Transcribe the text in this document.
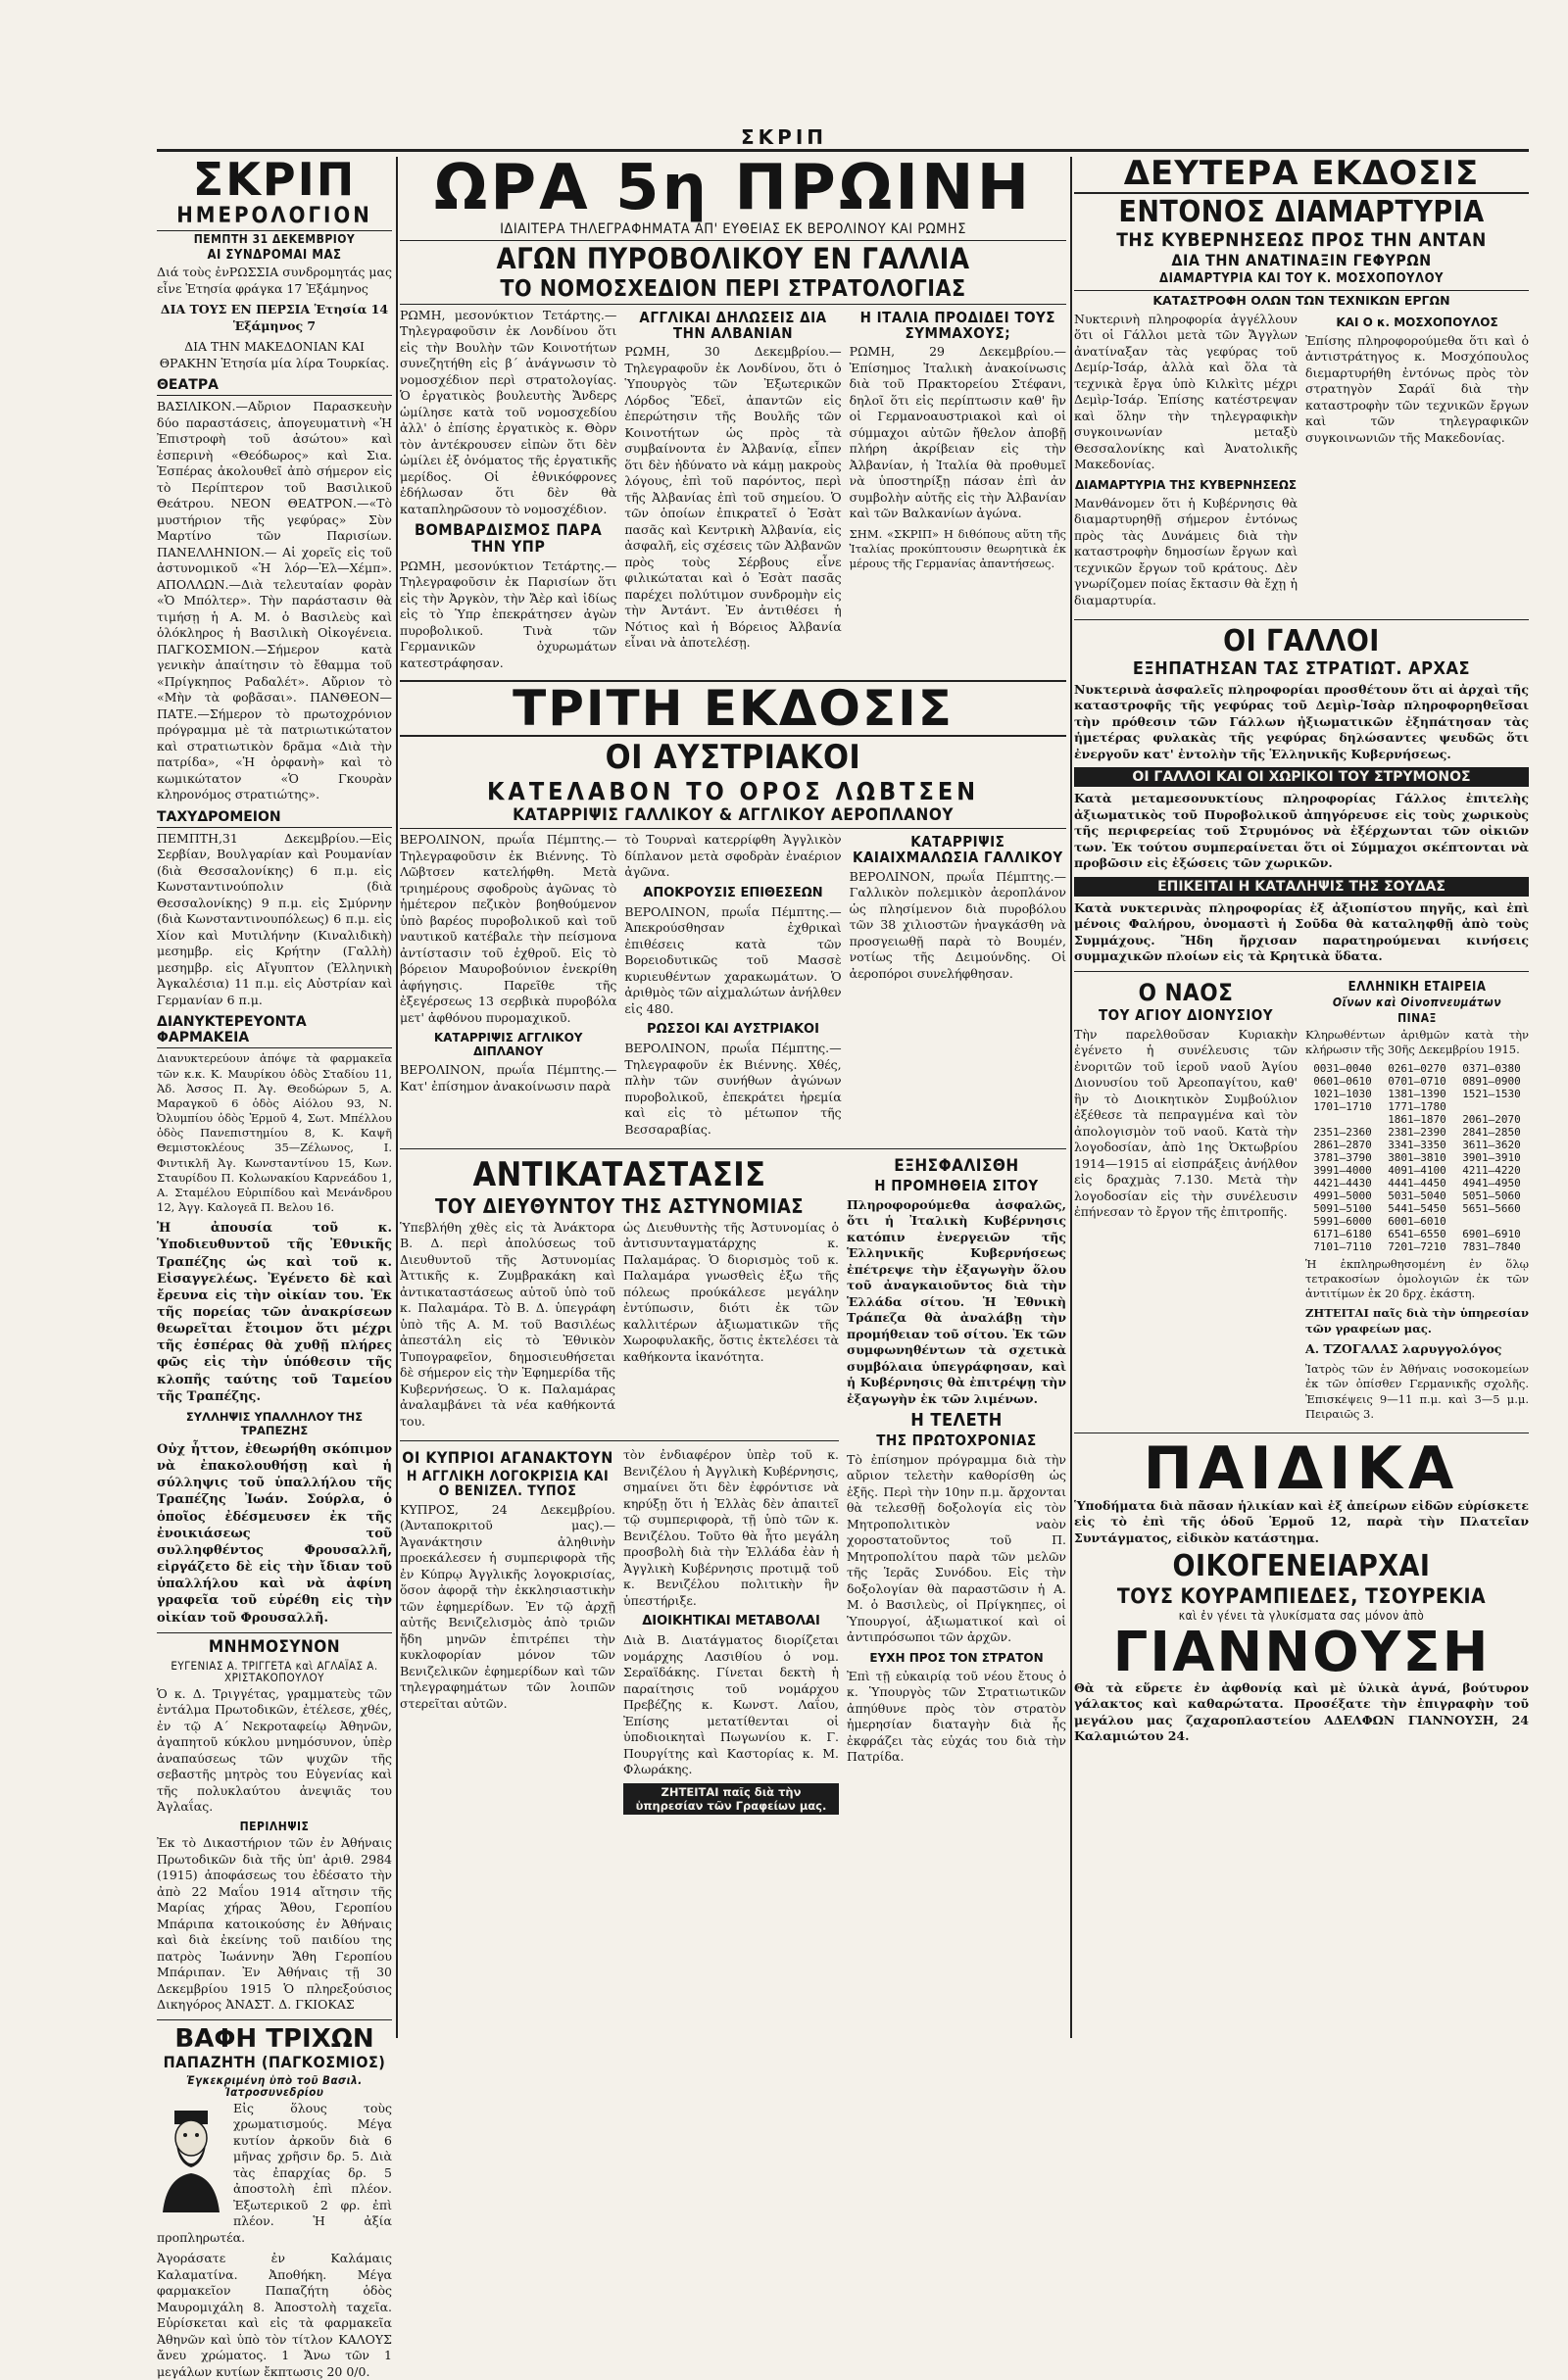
ΣΚΡΙΠ
ΣΚΡΙΠ
ΗΜΕΡΟΛΟΓΙΟΝ
ΠΕΜΠΤΗ 31 ΔΕΚΕΜΒΡΙΟΥ
ΑΙ ΣΥΝΔΡΟΜΑΙ ΜΑΣ

Διά τοὺς ἐνΡΩΣΣΙΑ συνδρομητάς μας εἶνε Ἑτησία φράγκα 17 Ἑξάμηνος

ΔΙΑ ΤΟΥΣ ΕΝ ΠΕΡΣΙΑ Ἑτησία 14 Ἑξάμηνος 7

ΔΙΑ ΤΗΝ ΜΑΚΕΔΟΝΙΑΝ ΚΑΙ ΘΡΑΚΗΝ Ἑτησία μία λίρα Τουρκίας.

ΘΕΑΤΡΑ

ΒΑΣΙΛΙΚΟΝ.—Αὔριον Παρασκευὴν δύο παραστάσεις, ἀπογευματινὴ «Ἡ Ἐπιστροφὴ τοῦ ἀσώτου» καὶ ἑσπερινὴ «Θεόδωρος» καὶ Σια. Ἑσπέρας ἀκολουθεῖ ἀπὸ σήμερον εἰς τὸ Περίπτερον τοῦ Βασιλικοῦ Θεάτρου. ΝΕΟΝ ΘΕΑΤΡΟΝ.—«Τὸ μυστήριον τῆς γεφύρας» Σὺν Μαρτίνο τῶν Παρισίων. ΠΑΝΕΛΛΗΝΙΟΝ.— Αἱ χορεῖς εἰς τοῦ ἀστυνομικοῦ «Ἡ λόρ—Ἐλ—Χέμπ». ΑΠΟΛΛΩΝ.—Διὰ τελευταίαν φορὰν «Ὁ Μπόλτερ». Τὴν παράστασιν θὰ τιμήσῃ ἡ Α. Μ. ὁ Βασιλεὺς καὶ ὁλόκληρος ἡ Βασιλικὴ Οἰκογένεια. ΠΑΓΚΟΣΜΙΟΝ.—Σήμερον κατὰ γενικὴν ἀπαίτησιν τὸ ἔθαμμα τοῦ «Πρίγκηπος Ραδαλέτ». Αὔριον τὸ «Μὴν τὰ φοβᾶσαι». ΠΑΝΘΕΟΝ—ΠΑΤΕ.—Σήμερον τὸ πρωτοχρόνιον πρόγραμμα μὲ τὰ πατριωτικώτατον καὶ στρατιωτικὸν δρᾶμα «Διὰ τὴν πατρίδα», «Ἡ ὀρφανὴ» καὶ τὸ κωμικώτατον «Ὁ Γκουρὰν κληρονόμος στρατιώτης».

ΤΑΧΥΔΡΟΜΕΙΟΝ

ΠΕΜΠΤΗ,31 Δεκεμβρίου.—Εἰς Σερβίαν, Βουλγαρίαν καὶ Ρουμανίαν (διὰ Θεσσαλονίκης) 6 π.μ. εἰς Κωνσταντινούπολιν (διὰ Θεσσαλονίκης) 9 π.μ. εἰς Σμύρνην (διὰ Κωνσταντινουπόλεως) 6 π.μ. εἰς Χίον καὶ Μυτιλήνην (Κιναλιδικὴ) μεσημβρ. εἰς Κρήτην (Γαλλὴ) μεσημβρ. εἰς Αἴγυπτον (Ἑλληνικὴ Ἀγκαλέσια) 11 π.μ. εἰς Αὐστρίαν καὶ Γερμανίαν 6 π.μ.

ΔΙΑΝΥΚΤΕΡΕΥΟΝΤΑ ΦΑΡΜΑΚΕΙΑ

Διανυκτερεύουν ἀπόψε τὰ φαρμακεῖα τῶν κ.κ. Κ. Μαυρίκου ὁδὸς Σταδίου 11, Ἀδ. Ἀσσος Π. Ἀγ. Θεοδώρων 5, Α. Μαραγκοῦ 6 ὁδὸς Αἰόλου 93, Ν. Ὀλυμπίου ὁδὸς Ἑρμοῦ 4, Σωτ. Μπέλλου ὁδὸς Πανεπιστημίου 8, Κ. Καψῆ Θεμιστοκλέους 35—Ζέλωνος, Ι. Φιντικλῆ Ἀγ. Κωνσταντίνου 15, Κων. Σταυρίδου Π. Κολωνακίου Καρνεάδου 1, Α. Σταμέλου Εὐριπίδου καὶ Μενάνδρου 12, Ἀγγ. Καλογεᾶ Π. Βελου 16.

Ἡ ἀπουσία τοῦ κ. Ὑποδιευθυντοῦ τῆς Ἐθνικῆς Τραπέζης ὡς καὶ τοῦ κ. Εἰσαγγελέως. Ἐγένετο δὲ καὶ ἔρευνα εἰς τὴν οἰκίαν του. Ἐκ τῆς πορείας τῶν ἀνακρίσεων θεωρεῖται ἔτοιμον ὅτι μέχρι τῆς ἑσπέρας θὰ χυθῇ πλήρες φῶς εἰς τὴν ὑπόθεσιν τῆς κλοπῆς ταύτης τοῦ Ταμείου τῆς Τραπέζης.

ΣΥΛΛΗΨΙΣ ΥΠΑΛΛΗΛΟΥ ΤΗΣ ΤΡΑΠΕΖΗΣ

Οὐχ ἧττον, ἐθεωρήθη σκόπιμον νὰ ἐπακολουθήσῃ καὶ ἡ σύλληψις τοῦ ὑπαλλήλου τῆς Τραπέζης Ἰωάν. Σούρλα, ὁ ὁποῖος ἐδέσμευσεν ἐκ τῆς ἐνοικιάσεως τοῦ συλληφθέντος Φρουσαλλῆ, εἰργάζετο δὲ εἰς τὴν ἴδιαν τοῦ ὑπαλλήλου καὶ νὰ ἀφίνη γραφεῖα τοῦ εὑρέθη εἰς τὴν οἰκίαν τοῦ Φρουσαλλῆ.

ΜΝΗΜΟΣΥΝΟΝ
ΕΥΓΕΝΙΑΣ Α. ΤΡΙΓΓΕΤΑ καὶ ΑΓΛΑΪΑΣ Α. ΧΡΙΣΤΑΚΟΠΟΥΛΟΥ

Ὁ κ. Δ. Τριγγέτας, γραμματεὺς τῶν ἐντάλμα Πρωτοδικῶν, ἐτέλεσε, χθές, ἐν τῷ Α΄ Νεκροταφείῳ Ἀθηνῶν, ἀγαπητοῦ κύκλου μνημόσυνον, ὑπὲρ ἀναπαύσεως τῶν ψυχῶν τῆς σεβαστῆς μητρὸς του Εὐγενίας καὶ τῆς πολυκλαύτου ἀνεψιᾶς του Ἀγλαΐας.

ΠΕΡΙΛΗΨΙΣ

Ἐκ τὸ Δικαστήριον τῶν ἐν Ἀθήναις Πρωτοδικῶν διὰ τῆς ὑπ' ἀριθ. 2984 (1915) ἀποφάσεως του ἐδέσατο τὴν ἀπὸ 22 Μαΐου 1914 αἴτησιν τῆς Μαρίας χήρας Ἄθου, Γεροπίου Μπάριπα κατοικούσης ἐν Ἀθήναις καὶ διὰ ἐκείνης τοῦ παιδίου της πατρὸς Ἰωάννην Ἄθη Γεροπίου Μπάριπαν. Ἐν Ἀθήναις τῇ 30 Δεκεμβρίου 1915 Ὁ πληρεξούσιος Δικηγόρος ἈΝΑΣΤ. Δ. ΓΚΙΟΚΑΣ

ΒΑΦΗ ΤΡΙΧΩΝ
ΠΑΠΑΖΗΤΗ (ΠΑΓΚΟΣΜΙΟΣ)
Ἐγκεκριμένη ὑπὸ τοῦ Βασιλ. Ἰατροσυνεδρίου

Εἰς ὅλους τοὺς χρωματισμούς. Μέγα κυτίον ἀρκοῦν διὰ 6 μῆνας χρῆσιν δρ. 5. Διὰ τὰς ἐπαρχίας δρ. 5 ἀποστολὴ ἐπὶ πλέον. Ἐξωτερικοῦ 2 φρ. ἐπὶ πλέον. Ἡ ἀξία προπληρωτέα.

Ἀγοράσατε ἐν Καλάμαις Καλαματίνα. Ἀποθήκη. Μέγα φαρμακεῖον Παπαζήτη ὁδὸς Μαυρομιχάλη 8. Ἀποστολὴ ταχεῖα. Εὑρίσκεται καὶ εἰς τὰ φαρμακεῖα Ἀθηνῶν καὶ ὑπὸ τὸν τίτλον ΚΑΛΟΥΣ ἄνευ χρώματος. 1 Ἄνω τῶν 1 μεγάλων κυτίων ἔκπτωσις 20 0/0.

ΩΡΑ 5η ΠΡΩΙΝΗ
ΙΔΙΑΙΤΕΡΑ ΤΗΛΕΓΡΑΦΗΜΑΤΑ ΑΠ' ΕΥΘΕΙΑΣ ΕΚ ΒΕΡΟΛΙΝΟΥ ΚΑΙ ΡΩΜΗΣ
ΑΓΩΝ ΠΥΡΟΒΟΛΙΚΟΥ ΕΝ ΓΑΛΛΙΑ
ΤΟ ΝΟΜΟΣΧΕΔΙΟΝ ΠΕΡΙ ΣΤΡΑΤΟΛΟΓΙΑΣ

ΡΩΜΗ, μεσονύκτιον Τετάρτης.— Τηλεγραφοῦσιν ἐκ Λονδίνου ὅτι εἰς τὴν Βουλὴν τῶν Κοινοτήτων συνεζητήθη εἰς β΄ ἀνάγνωσιν τὸ νομοσχέδιον περὶ στρατολογίας. Ὁ ἐργατικὸς βουλευτὴς Ἄνδερς ὡμίλησε κατὰ τοῦ νομοσχεδίου ἀλλ' ὁ ἐπίσης ἐργατικὸς κ. Θὸρν τὸν ἀντέκρουσεν εἰπὼν ὅτι δὲν ὡμίλει ἐξ ὀνόματος τῆς ἐργατικῆς μερίδος. Οἱ ἐθνικόφρονες ἐδήλωσαν ὅτι δὲν θὰ καταπληρῶσουν τὸ νομοσχέδιον.

ΒΟΜΒΑΡΔΙΣΜΟΣ ΠΑΡΑ ΤΗΝ ΥΠΡ

ΡΩΜΗ, μεσονύκτιον Τετάρτης.— Τηλεγραφοῦσιν ἐκ Παρισίων ὅτι εἰς τὴν Ἀργκὸν, τὴν Ἄὲρ καὶ ἰδίως εἰς τὸ Ὑπρ ἐπεκράτησεν ἀγὼν πυροβολικοῦ. Τινὰ τῶν Γερμανικῶν ὀχυρωμάτων κατεστράφησαν.

ΑΓΓΛΙΚΑΙ ΔΗΛΩΣΕΙΣ ΔΙΑ ΤΗΝ ΑΛΒΑΝΙΑΝ

ΡΩΜΗ, 30 Δεκεμβρίου.— Τηλεγραφοῦν ἐκ Λονδίνου, ὅτι ὁ Ὑπουργὸς τῶν Ἐξωτερικῶν Λόρδος Ἔδεϊ, ἀπαντῶν εἰς ἐπερώτησιν τῆς Βουλῆς τῶν Κοινοτήτων ὡς πρὸς τὰ συμβαίνοντα ἐν Ἀλβανίᾳ, εἶπεν ὅτι δὲν ἠδύνατο νὰ κάμῃ μακροὺς λόγους, ἐπὶ τοῦ παρόντος, περὶ τῆς Ἀλβανίας ἐπὶ τοῦ σημείου. Ὁ τῶν ὁποίων ἐπικρατεῖ ὁ Ἐσὰτ πασᾶς καὶ Κεντρικὴ Ἀλβανία, εἰς ἀσφαλῆ, εἰς σχέσεις τῶν Ἀλβανῶν πρὸς τοὺς Σέρβους εἶνε φιλικώταται καὶ ὁ Ἐσὰτ πασᾶς παρέχει πολύτιμον συνδρομὴν εἰς τὴν Ἀντάντ. Ἐν ἀντιθέσει ἡ Νότιος καὶ ἡ Βόρειος Ἀλβανία εἶναι νὰ ἀποτελέσῃ.

Η ΙΤΑΛΙΑ ΠΡΟΔΙΔΕΙ ΤΟΥΣ ΣΥΜΜΑΧΟΥΣ;

ΡΩΜΗ, 29 Δεκεμβρίου.— Ἐπίσημος Ἰταλικὴ ἀνακοίνωσις διὰ τοῦ Πρακτορείου Στέφανι, δηλοῖ ὅτι εἰς περίπτωσιν καθ' ἣν οἱ Γερμανοαυστριακοὶ καὶ οἱ σύμμαχοι αὐτῶν ἤθελον ἀποβῇ πλήρη ἀκρίβειαν εἰς τὴν Ἀλβανίαν, ἡ Ἰταλία θὰ προθυμεῖ νὰ ὑποστηρίξῃ πάσαν ἐπὶ ἀν συμβολὴν αὐτῆς εἰς τὴν Ἀλβανίαν καὶ τῶν Βαλκανίων ἀγώνα.

ΣΗΜ. «ΣΚΡΙΠ» Η διθόπους αὕτη τῆς Ἰταλίας προκύπτουσιν θεωρητικὰ ἐκ μέρους τῆς Γερμανίας ἀπαντήσεως.

ΤΡΙΤΗ ΕΚΔΟΣΙΣ
ΟΙ ΑΥΣΤΡΙΑΚΟΙ
ΚΑΤΕΛΑΒΟΝ ΤΟ ΟΡΟΣ ΛΩΒΤΣΕΝ
ΚΑΤΑΡΡΙΨΙΣ ΓΑΛΛΙΚΟΥ & ΑΓΓΛΙΚΟΥ ΑΕΡΟΠΛΑΝΟΥ

ΒΕΡΟΛΙΝΟΝ, πρωΐα Πέμπτης.— Τηλεγραφοῦσιν ἐκ Βιέννης. Τὸ Λῶβτσεν κατελήφθη. Μετὰ τριημέρους σφοδροὺς ἀγῶνας τὸ ἡμέτερον πεζικὸν βοηθούμενον ὑπὸ βαρέος πυροβολικοῦ καὶ τοῦ ναυτικοῦ κατέβαλε τὴν πείσμονα ἀντίστασιν τοῦ ἐχθροῦ. Εἰς τὸ βόρειον Μαυροβούνιον ἐνεκρίθη ἀφήγησις. Παρεῖθε τῆς ἐξεγέρσεως 13 σερβικὰ πυροβόλα μετ' ἀφθόνου πυρομαχικοῦ.

ΚΑΤΑΡΡΙΨΙΣ ΑΓΓΛΙΚΟΥ ΔΙΠΛΑΝΟΥ

ΒΕΡΟΛΙΝΟΝ, πρωΐα Πέμπτης.— Κατ' ἐπίσημον ἀνακοίνωσιν παρὰ

τὸ Τουρναὶ κατερρίφθη Ἀγγλικὸν δίπλανον μετὰ σφοδρὰν ἐναέριον ἀγῶνα.

ΑΠΟΚΡΟΥΣΙΣ ΕΠΙΘΕΣΕΩΝ

ΒΕΡΟΛΙΝΟΝ, πρωΐα Πέμπτης.— Ἀπεκρούσθησαν ἐχθρικαὶ ἐπιθέσεις κατὰ τῶν Βορειοδυτικῶς τοῦ Μασσὲ κυριευθέντων χαρακωμάτων. Ὁ ἀριθμὸς τῶν αἰχμαλώτων ἀνήλθεν εἰς 480.

ΡΩΣΣΟΙ ΚΑΙ ΑΥΣΤΡΙΑΚΟΙ

ΒΕΡΟΛΙΝΟΝ, πρωΐα Πέμπτης.— Τηλεγραφοῦν ἐκ Βιέννης. Χθές, πλὴν τῶν συνήθων ἀγώνων πυροβολικοῦ, ἐπεκράτει ἠρεμία καὶ εἰς τὸ μέτωπον τῆς Βεσσαραβίας.

ΚΑΤΑΡΡΙΨΙΣ ΚΑΙΑΙΧΜΑΛΩΣΙΑ ΓΑΛΛΙΚΟΥ

ΒΕΡΟΛΙΝΟΝ, πρωΐα Πέμπτης.— Γαλλικὸν πολεμικὸν ἀεροπλάνον ὡς πλησίμενον διὰ πυροβόλου τῶν 38 χιλιοστῶν ἠναγκάσθη νὰ προσγειωθῇ παρὰ τὸ Βουμέν, νοτίως τῆς Δειμούνδης. Οἱ ἀεροπόροι συνελήφθησαν.

ΑΝΤΙΚΑΤΑΣΤΑΣΙΣ
ΤΟΥ ΔΙΕΥΘΥΝΤΟΥ ΤΗΣ ΑΣΤΥΝΟΜΙΑΣ

Ὑπεβλήθη χθὲς εἰς τὰ Ἀνάκτορα Β. Δ. περὶ ἀπολύσεως τοῦ Διευθυντοῦ τῆς Ἀστυνομίας Ἀττικῆς κ. Ζυμβρακάκη καὶ ἀντικαταστάσεως αὐτοῦ ὑπὸ τοῦ κ. Παλαμάρα. Τὸ Β. Δ. ὑπεγράφη ὑπὸ τῆς Α. Μ. τοῦ Βασιλέως ἀπεστάλη εἰς τὸ Ἐθνικὸν Τυπογραφεῖον, δημοσιευθήσεται δὲ σήμερον εἰς τὴν Ἐφημερίδα τῆς Κυβερνήσεως. Ὁ κ. Παλαμάρας ἀναλαμβάνει τὰ νέα καθήκοντά του.

ὡς Διευθυντὴς τῆς Ἀστυνομίας ὁ ἀντισυνταγματάρχης κ. Παλαμάρας. Ὁ διορισμὸς τοῦ κ. Παλαμάρα γνωσθεὶς ἐξω τῆς πόλεως προύκάλεσε μεγάλην ἐντύπωσιν, διότι ἐκ τῶν καλλιτέρων ἀξιωματικῶν τῆς Χωροφυλακῆς, ὅστις ἐκτελέσει τὰ καθήκοντα ἱκανότητα.

ΟΙ ΚΥΠΡΙΟΙ ΑΓΑΝΑΚΤΟΥΝ
Η ΑΓΓΛΙΚΗ ΛΟΓΟΚΡΙΣΙΑ ΚΑΙ Ο ΒΕΝΙΖΕΛ. ΤΥΠΟΣ

ΚΥΠΡΟΣ, 24 Δεκεμβρίου. (Ἀνταποκριτοῦ μας).— Ἀγανάκτησιν ἀληθινὴν προεκάλεσεν ἡ συμπεριφορὰ τῆς ἐν Κύπρῳ Ἀγγλικῆς λογοκρισίας, ὅσον ἀφορᾷ τὴν ἐκκλησιαστικὴν τῶν ἐφημερίδων. Ἐν τῷ ἀρχῇ αὐτῆς Βενιζελισμὸς ἀπὸ τριῶν ἤδη μηνῶν ἐπιτρέπει τὴν κυκλοφορίαν μόνον τῶν Βενιζελικῶν ἐφημερίδων καὶ τῶν τηλεγραφημάτων τῶν λοιπῶν στερεῖται αὐτῶν.

τὸν ἐνδιαφέρον ὑπὲρ τοῦ κ. Βενιζέλου ἡ Ἀγγλικὴ Κυβέρνησις, σημαίνει ὅτι δὲν ἐφρόντισε νὰ κηρύξῃ ὅτι ἡ Ἑλλὰς δὲν ἀπαιτεῖ τῷ συμπεριφορὰ, τῇ ὑπὸ τῶν κ. Βενιζέλου. Τοῦτο θὰ ἦτο μεγάλη προσβολὴ διὰ τὴν Ἑλλάδα ἐὰν ἡ Ἀγγλικὴ Κυβέρνησις προτιμᾷ τοῦ κ. Βενιζέλου πολιτικὴν ἣν ὑπεστήριξε.

ΔΙΟΙΚΗΤΙΚΑΙ ΜΕΤΑΒΟΛΑΙ

Διὰ Β. Διατάγματος διορίζεται νομάρχης Λασιθίου ὁ νομ. Σεραϊδάκης. Γίνεται δεκτὴ ἡ παραίτησις τοῦ νομάρχου Πρεβέζης κ. Κωνστ. Λαΐου, Ἐπίσης μετατίθενται οἱ ὑποδιοικηταὶ Πωγωνίου κ. Γ. Πουργίτης καὶ Καστορίας κ. Μ. Φλωράκης.

ΖΗΤΕΙΤΑΙ παῖς διὰ τὴν ὑπηρεσίαν τῶν Γραφείων μας.
ΕΞΗΣΦΑΛΙΣΘΗ
Η ΠΡΟΜΗΘΕΙΑ ΣΙΤΟΥ

Πληροφορούμεθα ἀσφαλῶς, ὅτι ἡ Ἰταλικὴ Κυβέρνησις κατόπιν ἐνεργειῶν τῆς Ἑλληνικῆς Κυβερνήσεως ἐπέτρεψε τὴν ἐξαγωγὴν ὅλου τοῦ ἀναγκαιοῦντος διὰ τὴν Ἑλλάδα σίτου. Ἡ Ἐθνικὴ Τράπεζα θὰ ἀναλάβῃ τὴν προμήθειαν τοῦ σίτου. Ἐκ τῶν συμφωνηθέντων τὰ σχετικὰ συμβόλαια ὑπεγράφησαν, καὶ ἡ Κυβέρνησις θὰ ἐπιτρέψῃ τὴν ἐξαγωγὴν ἐκ τῶν λιμένων.

Η ΤΕΛΕΤΗ
ΤΗΣ ΠΡΩΤΟΧΡΟΝΙΑΣ

Τὸ ἐπίσημον πρόγραμμα διὰ τὴν αὔριον τελετὴν καθορίσθη ὡς ἑξῆς. Περὶ τὴν 10ην π.μ. ἄρχονται θὰ τελεσθῇ δοξολογία εἰς τὸν Μητροπολιτικὸν ναὸν χοροστατοῦντος τοῦ Π. Μητροπολίτου παρὰ τῶν μελῶν τῆς Ἱερᾶς Συνόδου. Εἰς τὴν δοξολογίαν θὰ παραστῶσιν ἡ Α. Μ. ὁ Βασιλεὺς, οἱ Πρίγκηπες, οἱ Ὑπουργοί, ἀξιωματικοί καὶ οἱ ἀντιπρόσωποι τῶν ἀρχῶν.

ΕΥΧΗ ΠΡΟΣ ΤΟΝ ΣΤΡΑΤΟΝ

Ἐπὶ τῇ εὐκαιρίᾳ τοῦ νέου ἔτους ὁ κ. Ὑπουργὸς τῶν Στρατιωτικῶν ἀπηύθυνε πρὸς τὸν στρατὸν ἡμερησίαν διαταγὴν διὰ ἧς ἐκφράζει τὰς εὐχάς του διὰ τὴν Πατρίδα.

ΔΕΥΤΕΡΑ ΕΚΔΟΣΙΣ
ΕΝΤΟΝΟΣ ΔΙΑΜΑΡΤΥΡΙΑ
ΤΗΣ ΚΥΒΕΡΝΗΣΕΩΣ ΠΡΟΣ ΤΗΝ ΑΝΤΑΝ
ΔΙΑ ΤΗΝ ΑΝΑΤΙΝΑΞΙΝ ΓΕΦΥΡΩΝ
ΔΙΑΜΑΡΤΥΡΙΑ ΚΑΙ ΤΟΥ Κ. ΜΟΣΧΟΠΟΥΛΟΥ
ΚΑΤΑΣΤΡΟΦΗ ΟΛΩΝ ΤΩΝ ΤΕΧΝΙΚΩΝ ΕΡΓΩΝ

Νυκτερινὴ πληροφορία ἀγγέλλουν ὅτι οἱ Γάλλοι μετὰ τῶν Ἄγγλων ἀνατίναξαν τὰς γεφύρας τοῦ Δεμίρ-Ἰσάρ, ἀλλὰ καὶ ὅλα τὰ τεχνικὰ ἔργα ὑπὸ Κιλκὶτς μέχρι Δεμὶρ-Ἰσάρ. Ἐπίσης κατέστρεψαν καὶ ὅλην τὴν τηλεγραφικὴν συγκοινωνίαν μεταξὺ Θεσσαλονίκης καὶ Ἀνατολικῆς Μακεδονίας.

ΔΙΑΜΑΡΤΥΡΙΑ ΤΗΣ ΚΥΒΕΡΝΗΣΕΩΣ

Μανθάνομεν ὅτι ἡ Κυβέρνησις θὰ διαμαρτυρηθῇ σήμερον ἐντόνως πρὸς τὰς Δυνάμεις διὰ τὴν καταστροφὴν δημοσίων ἔργων καὶ τεχνικῶν ἔργων τοῦ κράτους. Δὲν γνωρίζομεν ποίας ἔκτασιν θὰ ἔχῃ ἡ διαμαρτυρία.

ΚΑΙ Ο κ. ΜΟΣΧΟΠΟΥΛΟΣ

Ἐπίσης πληροφορούμεθα ὅτι καὶ ὁ ἀντιστράτηγος κ. Μοσχόπουλος διεμαρτυρήθη ἐντόνως πρὸς τὸν στρατηγὸν Σαράϊ διὰ τὴν καταστροφὴν τῶν τεχνικῶν ἔργων καὶ τῶν τηλεγραφικῶν συγκοινωνιῶν τῆς Μακεδονίας.

ΟΙ ΓΑΛΛΟΙ
ΕΞΗΠΑΤΗΣΑΝ ΤΑΣ ΣΤΡΑΤΙΩΤ. ΑΡΧΑΣ

Νυκτερινὰ ἀσφαλεῖς πληροφορίαι προσθέτουν ὅτι αἱ ἀρχαὶ τῆς καταστροφῆς τῆς γεφύρας τοῦ Δεμὶρ-Ἰσὰρ πληροφορηθεῖσαι τὴν πρόθεσιν τῶν Γάλλων ἠξιωματικῶν ἐξηπάτησαν τὰς ἡμετέρας φυλακὰς τῆς γεφύρας δηλώσαντες ψευδῶς ὅτι ἐνεργοῦν κατ' ἐντολὴν τῆς Ἑλληνικῆς Κυβερνήσεως.

ΟΙ ΓΑΛΛΟΙ ΚΑΙ ΟΙ ΧΩΡΙΚΟΙ ΤΟΥ ΣΤΡΥΜΟΝΟΣ

Κατὰ μεταμεσονυκτίους πληροφορίας Γάλλος ἐπιτελὴς ἀξιωματικὸς τοῦ Πυροβολικοῦ ἀπηγόρευσε εἰς τοὺς χωρικοὺς τῆς περιφερείας τοῦ Στρυμόνος νὰ ἐξέρχωνται τῶν οἰκιῶν των. Ἐκ τούτου συμπεραίνεται ὅτι οἱ Σύμμαχοι σκέπτονται νὰ προβῶσιν εἰς ἐξώσεις τῶν χωρικῶν.

ΕΠΙΚΕΙΤΑΙ Η ΚΑΤΑΛΗΨΙΣ ΤΗΣ ΣΟΥΔΑΣ

Κατὰ νυκτερινὰς πληροφορίας ἐξ ἀξιοπίστου πηγῆς, καὶ ἐπὶ μένοις Φαλήρου, ὀνομαστὶ ἡ Σοῦδα θὰ καταληφθῇ ἀπὸ τοὺς Συμμάχους. Ἤδη ἤρχισαν παρατηρούμεναι κινήσεις συμμαχικῶν πλοίων εἰς τὰ Κρητικὰ ὕδατα.

Ο ΝΑΟΣ
ΤΟΥ ΑΓΙΟΥ ΔΙΟΝΥΣΙΟΥ

Τὴν παρελθοῦσαν Κυριακὴν ἐγένετο ἡ συνέλευσις τῶν ἐνοριτῶν τοῦ ἱεροῦ ναοῦ Ἁγίου Διονυσίου τοῦ Ἀρεοπαγίτου, καθ' ἣν τὸ Διοικητικὸν Συμβούλιον ἐξέθεσε τὰ πεπραγμένα καὶ τὸν ἀπολογισμὸν τοῦ ναοῦ. Κατὰ τὴν λογοδοσίαν, ἀπὸ 1ης Ὀκτωβρίου 1914—1915 αἱ εἰσπράξεις ἀνήλθον εἰς δραχμὰς 7.130. Μετὰ τὴν λογοδοσίαν εἰς τὴν συνέλευσιν ἐπήνεσαν τὸ ἔργον τῆς ἐπιτροπῆς.

ΕΛΛΗΝΙΚΗ ΕΤΑΙΡΕΙΑ
Οἴνων καὶ Οἰνοπνευμάτων
ΠΙΝΑΞ

Κληρωθέντων ἀριθμῶν κατὰ τὴν κλήρωσιν τῆς 30ῆς Δεκεμβρίου 1915.

0031—0040	0261—0270	0371—0380
0601—0610	0701—0710	0891—0900
1021—1030	1381—1390	1521—1530
1701—1710	1771—1780	
	1861—1870	2061—2070
2351—2360	2381—2390	2841—2850
2861—2870	3341—3350	3611—3620
3781—3790	3801—3810	3901—3910
3991—4000	4091—4100	4211—4220
4421—4430	4441—4450	4941—4950
4991—5000	5031—5040	5051—5060
5091—5100	5441—5450	5651—5660
5991—6000	6001—6010	
6171—6180	6541—6550	6901—6910
7101—7110	7201—7210	7831—7840

Ἡ ἐκπληρωθησομένη ἐν ὅλῳ τετρακοσίων ὁμολογιῶν ἐκ τῶν ἀντιτίμων ἐκ 20 δρχ. ἐκάστη.

ΖΗΤΕΙΤΑΙ παῖς διὰ τὴν ὑπηρεσίαν τῶν γραφείων μας.

Α. ΤΖΟΓΑΛΑΣ λαρυγγολόγος

Ἰατρὸς τῶν ἑν Ἀθήναις νοσοκομείων ἐκ τῶν ὀπίσθεν Γερμανικῆς σχολῆς. Ἐπισκέψεις 9—11 π.μ. καὶ 3—5 μ.μ. Πειραιῶς 3.

ΠΑΙΔΙΚΑ

Ὑποδήματα διὰ πᾶσαν ἡλικίαν καὶ ἐξ ἀπείρων εἰδῶν εὑρίσκετε εἰς τὸ ἐπὶ τῆς ὁδοῦ Ἑρμοῦ 12, παρὰ τὴν Πλατεῖαν Συντάγματος, εἰδικὸν κατάστημα.

ΟΙΚΟΓΕΝΕΙΑΡΧΑΙ
ΤΟΥΣ ΚΟΥΡΑΜΠΙΕΔΕΣ, ΤΣΟΥΡΕΚΙΑ
καὶ ἐν γένει τὰ γλυκίσματα σας μόνον ἀπὸ
ΓΙΑΝΝΟΥΣΗ

Θὰ τὰ εὕρετε ἐν ἀφθονίᾳ καὶ μὲ ὑλικὰ ἁγνά, βούτυρον γάλακτος καὶ καθαρώτατα. Προσέξατε τὴν ἐπιγραφὴν τοῦ μεγάλου μας ζαχαροπλαστείου ΑΔΕΛΦΩΝ ΓΙΑΝΝΟΥΣΗ, 24 Καλαμιώτου 24.
